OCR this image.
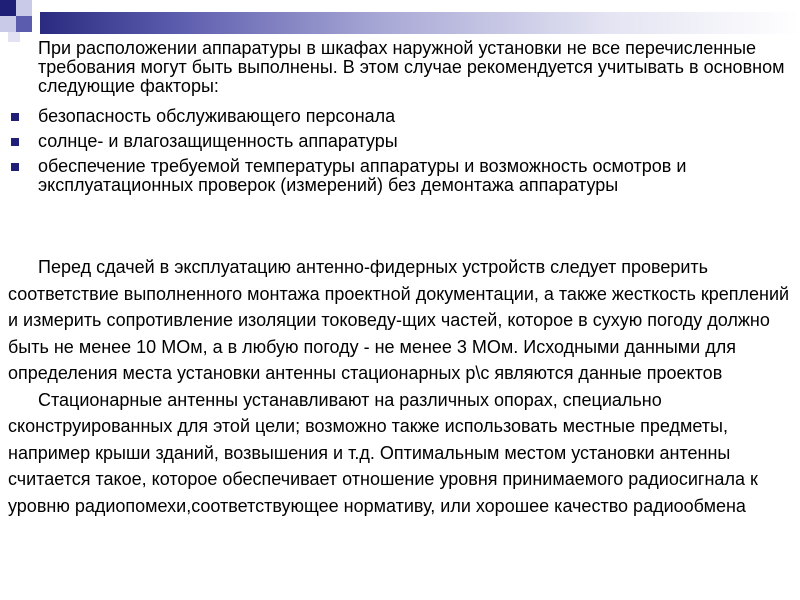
При расположении аппаратуры в шкафах наружной установки не все перечисленные требования могут быть выполнены. В этом случае рекомендуется учитывать в основном следующие факторы:

безопасность обслуживающего персонала
солнце- и влагозащищенность аппаратуры
обеспечение требуемой температуры аппаратуры и возможность осмотров и эксплуатационных проверок (измерений) без демонтажа аппаратуры

Перед сдачей в эксплуатацию антенно-фидерных устройств следует проверить соответствие выполненного монтажа проектной документации, а также жесткость креплений и измерить сопротивление изоляции токоведу-щих частей, которое в сухую погоду должно быть не менее 10 МОм, а в любую погоду - не менее 3 МОм. Исходными данными для определения места установки антенны стационарных р\с являются данные проектов

Стационарные антенны устанавливают на различных опорах, специально сконструированных для этой цели; возможно также использовать местные предметы, например крыши зданий, возвышения и т.д. Оптимальным местом установки антенны считается такое, которое обеспечивает отношение уровня принимаемого радиосигнала к уровню радиопомехи,соответствующее нормативу, или хорошее качество радиообмена
